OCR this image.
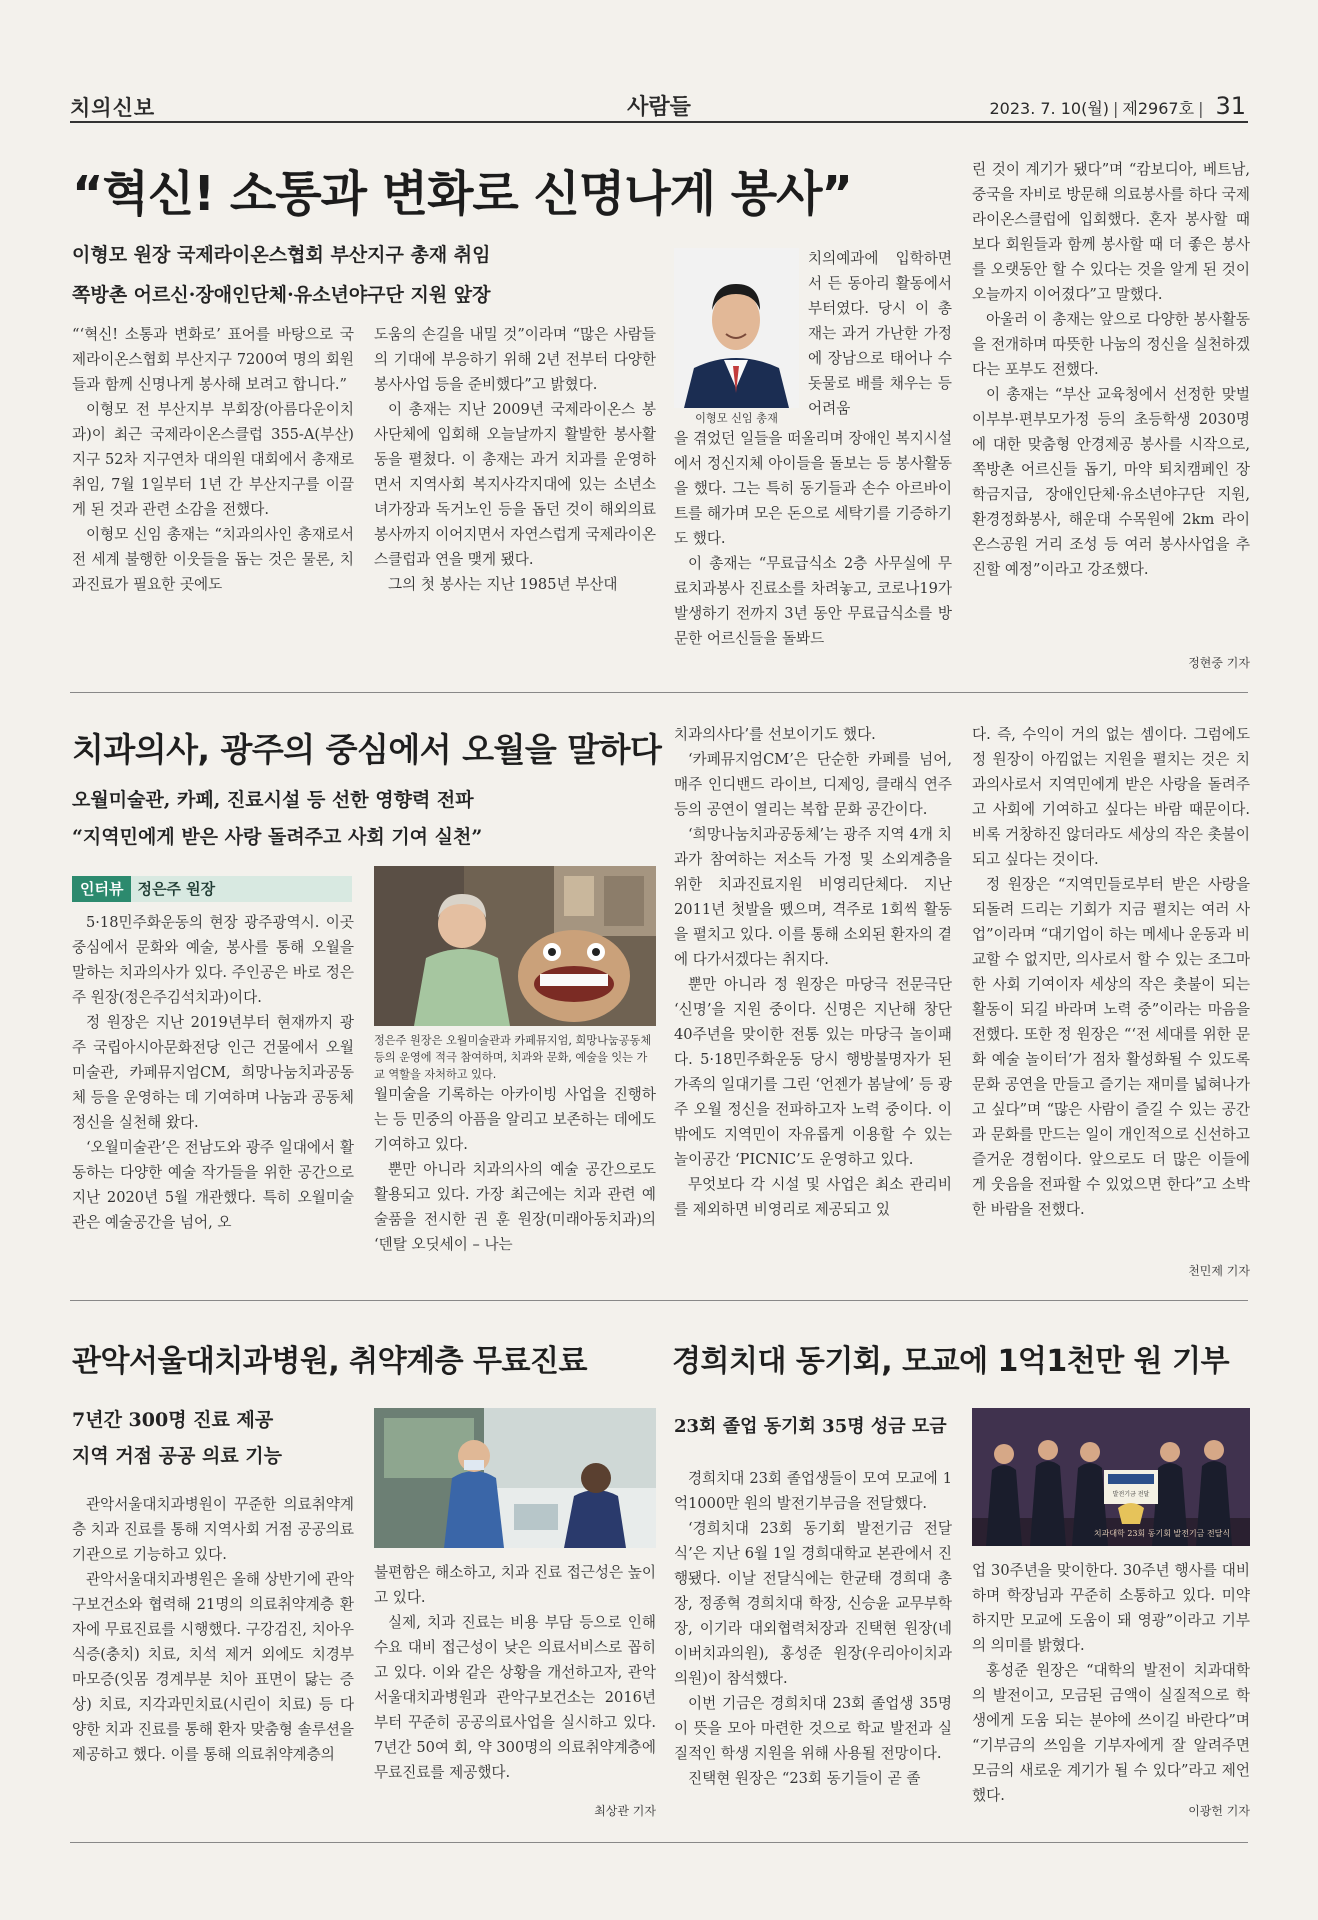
치의신보	사람들	2023. 7. 10(월) | 제2967호 | 31
“혁신! 소통과 변화로 신명나게 봉사”
이형모 원장 국제라이온스협회 부산지구 총재 취임
쪽방촌 어르신·장애인단체·유소년야구단 지원 앞장

“‘혁신! 소통과 변화로’ 표어를 바탕으로 국제라이온스협회 부산지구 7200여 명의 회원들과 함께 신명나게 봉사해 보려고 합니다.”

이형모 전 부산지부 부회장(아름다운이치과)이 최근 국제라이온스클럽 355-A(부산)지구 52차 지구연차 대의원 대회에서 총재로 취임, 7월 1일부터 1년 간 부산지구를 이끌게 된 것과 관련 소감을 전했다.

이형모 신임 총재는 “치과의사인 총재로서 전 세계 불행한 이웃들을 돕는 것은 물론, 치과진료가 필요한 곳에도

도움의 손길을 내밀 것”이라며 “많은 사람들의 기대에 부응하기 위해 2년 전부터 다양한 봉사사업 등을 준비했다”고 밝혔다.

이 총재는 지난 2009년 국제라이온스 봉사단체에 입회해 오늘날까지 활발한 봉사활동을 펼쳤다. 이 총재는 과거 치과를 운영하면서 지역사회 복지사각지대에 있는 소년소녀가장과 독거노인 등을 돕던 것이 해외의료봉사까지 이어지면서 자연스럽게 국제라이온스클럽과 연을 맺게 됐다.

그의 첫 봉사는 지난 1985년 부산대

이형모 신임 총재

치의예과에 입학하면서 든 동아리 활동에서부터였다. 당시 이 총재는 과거 가난한 가정에 장남으로 태어나 수돗물로 배를 채우는 등 어려움

을 겪었던 일들을 떠올리며 장애인 복지시설에서 정신지체 아이들을 돌보는 등 봉사활동을 했다. 그는 특히 동기들과 손수 아르바이트를 해가며 모은 돈으로 세탁기를 기증하기도 했다.

이 총재는 “무료급식소 2층 사무실에 무료치과봉사 진료소를 차려놓고, 코로나19가 발생하기 전까지 3년 동안 무료급식소를 방문한 어르신들을 돌봐드

린 것이 계기가 됐다”며 “캄보디아, 베트남, 중국을 자비로 방문해 의료봉사를 하다 국제라이온스클럽에 입회했다. 혼자 봉사할 때 보다 회원들과 함께 봉사할 때 더 좋은 봉사를 오랫동안 할 수 있다는 것을 알게 된 것이 오늘까지 이어졌다”고 말했다.

아울러 이 총재는 앞으로 다양한 봉사활동을 전개하며 따뜻한 나눔의 정신을 실천하겠다는 포부도 전했다.

이 총재는 “부산 교육청에서 선정한 맞벌이부부·편부모가정 등의 초등학생 2030명에 대한 맞춤형 안경제공 봉사를 시작으로, 쪽방촌 어르신들 돕기, 마약 퇴치캠페인 장학금지급, 장애인단체·유소년야구단 지원, 환경정화봉사, 해운대 수목원에 2km 라이온스공원 거리 조성 등 여러 봉사사업을 추진할 예정”이라고 강조했다.

정현중 기자
치과의사, 광주의 중심에서 오월을 말하다
오월미술관, 카페, 진료시설 등 선한 영향력 전파
“지역민에게 받은 사랑 돌려주고 사회 기여 실천”
인터뷰 정은주 원장

5·18민주화운동의 현장 광주광역시. 이곳 중심에서 문화와 예술, 봉사를 통해 오월을 말하는 치과의사가 있다. 주인공은 바로 정은주 원장(정은주김석치과)이다.

정 원장은 지난 2019년부터 현재까지 광주 국립아시아문화전당 인근 건물에서 오월미술관, 카페뮤지엄CM, 희망나눔치과공동체 등을 운영하는 데 기여하며 나눔과 공동체 정신을 실천해 왔다.

‘오월미술관’은 전남도와 광주 일대에서 활동하는 다양한 예술 작가들을 위한 공간으로 지난 2020년 5월 개관했다. 특히 오월미술관은 예술공간을 넘어, 오

정은주 원장은 오월미술관과 카페뮤지엄, 희망나눔공동체 등의 운영에 적극 참여하며, 치과와 문화, 예술을 잇는 가교 역할을 자처하고 있다.

월미술을 기록하는 아카이빙 사업을 진행하는 등 민중의 아픔을 알리고 보존하는 데에도 기여하고 있다.

뿐만 아니라 치과의사의 예술 공간으로도 활용되고 있다. 가장 최근에는 치과 관련 예술품을 전시한 권 훈 원장(미래아동치과)의 ‘덴탈 오딧세이 – 나는

치과의사다’를 선보이기도 했다.

‘카페뮤지엄CM’은 단순한 카페를 넘어, 매주 인디밴드 라이브, 디제잉, 클래식 연주 등의 공연이 열리는 복합 문화 공간이다.

‘희망나눔치과공동체’는 광주 지역 4개 치과가 참여하는 저소득 가정 및 소외계층을 위한 치과진료지원 비영리단체다. 지난 2011년 첫발을 뗐으며, 격주로 1회씩 활동을 펼치고 있다. 이를 통해 소외된 환자의 곁에 다가서겠다는 취지다.

뿐만 아니라 정 원장은 마당극 전문극단 ‘신명’을 지원 중이다. 신명은 지난해 창단 40주년을 맞이한 전통 있는 마당극 놀이패다. 5·18민주화운동 당시 행방불명자가 된 가족의 일대기를 그린 ‘언젠가 봄날에’ 등 광주 오월 정신을 전파하고자 노력 중이다. 이 밖에도 지역민이 자유롭게 이용할 수 있는 놀이공간 ‘PICNIC’도 운영하고 있다.

무엇보다 각 시설 및 사업은 최소 관리비를 제외하면 비영리로 제공되고 있

다. 즉, 수익이 거의 없는 셈이다. 그럼에도 정 원장이 아낌없는 지원을 펼치는 것은 치과의사로서 지역민에게 받은 사랑을 돌려주고 사회에 기여하고 싶다는 바람 때문이다. 비록 거창하진 않더라도 세상의 작은 촛불이 되고 싶다는 것이다.

정 원장은 “지역민들로부터 받은 사랑을 되돌려 드리는 기회가 지금 펼치는 여러 사업”이라며 “대기업이 하는 메세나 운동과 비교할 수 없지만, 의사로서 할 수 있는 조그마한 사회 기여이자 세상의 작은 촛불이 되는 활동이 되길 바라며 노력 중”이라는 마음을 전했다. 또한 정 원장은 “‘전 세대를 위한 문화 예술 놀이터’가 점차 활성화될 수 있도록 문화 공연을 만들고 즐기는 재미를 넓혀나가고 싶다”며 “많은 사람이 즐길 수 있는 공간과 문화를 만드는 일이 개인적으로 신선하고 즐거운 경험이다. 앞으로도 더 많은 이들에게 웃음을 전파할 수 있었으면 한다”고 소박한 바람을 전했다.

천민제 기자
관악서울대치과병원, 취약계층 무료진료
7년간 300명 진료 제공
지역 거점 공공 의료 기능

관악서울대치과병원이 꾸준한 의료취약계층 치과 진료를 통해 지역사회 거점 공공의료기관으로 기능하고 있다.

관악서울대치과병원은 올해 상반기에 관악구보건소와 협력해 21명의 의료취약계층 환자에 무료진료를 시행했다. 구강검진, 치아우식증(충치) 치료, 치석 제거 외에도 치경부 마모증(잇몸 경계부분 치아 표면이 닳는 증상) 치료, 지각과민치료(시린이 치료) 등 다양한 치과 진료를 통해 환자 맞춤형 솔루션을 제공하고 했다. 이를 통해 의료취약계층의

불편함은 해소하고, 치과 진료 접근성은 높이고 있다.

실제, 치과 진료는 비용 부담 등으로 인해 수요 대비 접근성이 낮은 의료서비스로 꼽히고 있다. 이와 같은 상황을 개선하고자, 관악서울대치과병원과 관악구보건소는 2016년부터 꾸준히 공공의료사업을 실시하고 있다. 7년간 50여 회, 약 300명의 의료취약계층에 무료진료를 제공했다.

최상관 기자
경희치대 동기회, 모교에 1억1천만 원 기부
23회 졸업 동기회 35명 성금 모금

경희치대 23회 졸업생들이 모여 모교에 1억1000만 원의 발전기부금을 전달했다.

‘경희치대 23회 동기회 발전기금 전달식’은 지난 6월 1일 경희대학교 본관에서 진행됐다. 이날 전달식에는 한균태 경희대 총장, 정종혁 경희치대 학장, 신승윤 교무부학장, 이기라 대외협력처장과 진택현 원장(네이버치과의원), 홍성준 원장(우리아이치과의원)이 참석했다.

이번 기금은 경희치대 23회 졸업생 35명이 뜻을 모아 마련한 것으로 학교 발전과 실질적인 학생 지원을 위해 사용될 전망이다.

진택현 원장은 “23회 동기들이 곧 졸

발전기금 전달
치과대학 23회 동기회 발전기금 전달식

업 30주년을 맞이한다. 30주년 행사를 대비하며 학장님과 꾸준히 소통하고 있다. 미약하지만 모교에 도움이 돼 영광”이라고 기부의 의미를 밝혔다.

홍성준 원장은 “대학의 발전이 치과대학의 발전이고, 모금된 금액이 실질적으로 학생에게 도움 되는 분야에 쓰이길 바란다”며 “기부금의 쓰임을 기부자에게 잘 알려주면 모금의 새로운 계기가 될 수 있다”라고 제언했다.

이광헌 기자
